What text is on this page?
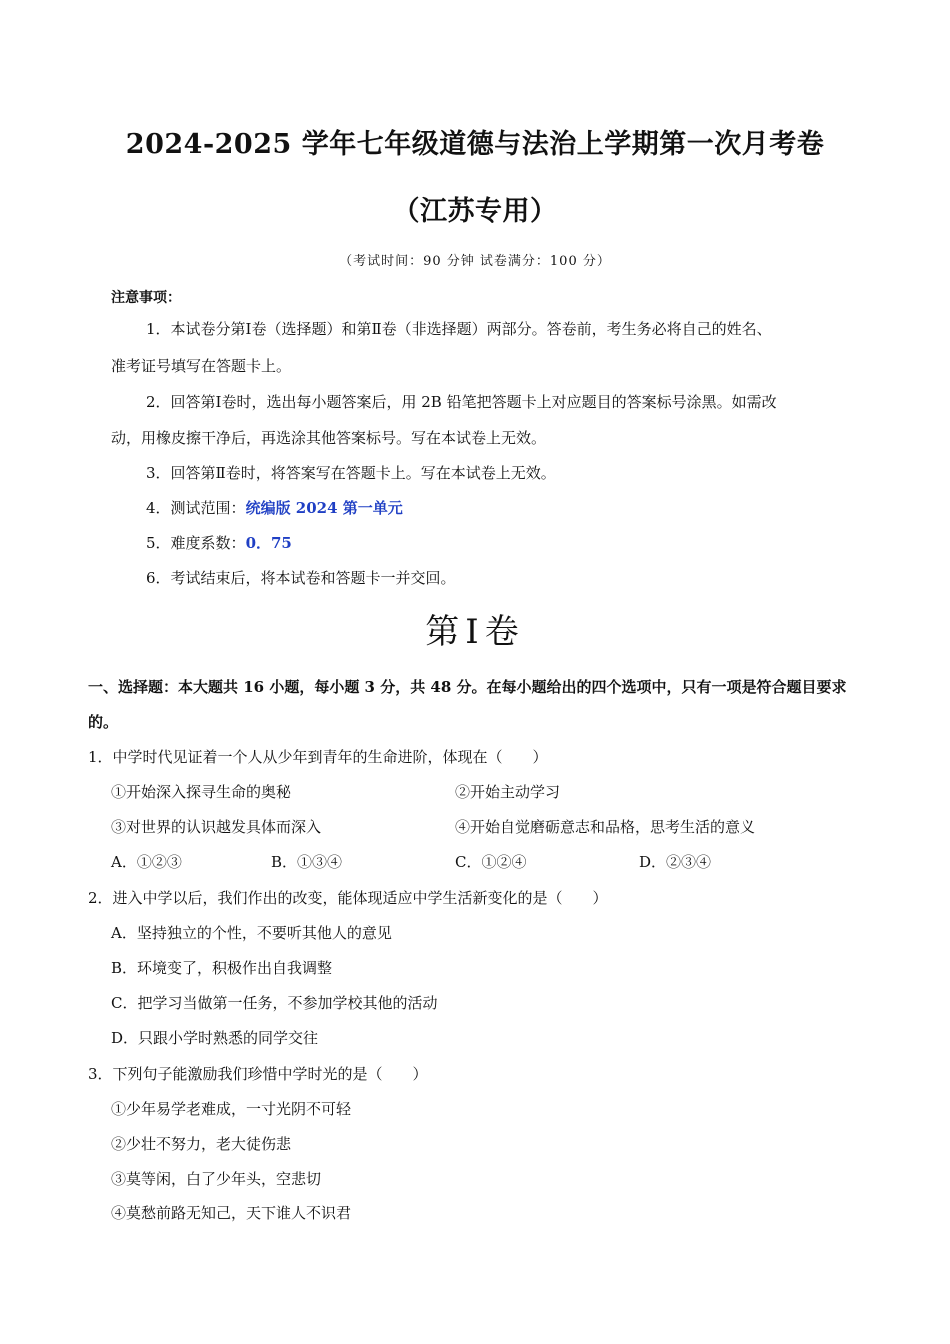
2024-2025 学年七年级道德与法治上学期第一次月考卷
（江苏专用）
（考试时间：90 分钟 试卷满分：100 分）
注意事项：
1．本试卷分第Ⅰ卷（选择题）和第Ⅱ卷（非选择题）两部分。答卷前，考生务必将自己的姓名、
准考证号填写在答题卡上。
2．回答第Ⅰ卷时，选出每小题答案后，用 2B 铅笔把答题卡上对应题目的答案标号涂黑。如需改
动，用橡皮擦干净后，再选涂其他答案标号。写在本试卷上无效。
3．回答第Ⅱ卷时，将答案写在答题卡上。写在本试卷上无效。
4．测试范围：统编版 2024 第一单元
5．难度系数：0．75
6．考试结束后，将本试卷和答题卡一并交回。
第Ⅰ卷
一、选择题：本大题共 16 小题，每小题 3 分，共 48 分。在每小题给出的四个选项中，只有一项是符合题目要求的。
1．中学时代见证着一个人从少年到青年的生命进阶，体现在（　　）
①开始深入探寻生命的奥秘	②开始主动学习
③对世界的认识越发具体而深入	④开始自觉磨砺意志和品格，思考生活的意义
A．①②③	B．①③④	C．①②④	D．②③④
2．进入中学以后，我们作出的改变，能体现适应中学生活新变化的是（　　）
A．坚持独立的个性，不要听其他人的意见
B．环境变了，积极作出自我调整
C．把学习当做第一任务，不参加学校其他的活动
D．只跟小学时熟悉的同学交往
3．下列句子能激励我们珍惜中学时光的是（　　）
①少年易学老难成，一寸光阴不可轻
②少壮不努力，老大徒伤悲
③莫等闲，白了少年头，空悲切
④莫愁前路无知己，天下谁人不识君
